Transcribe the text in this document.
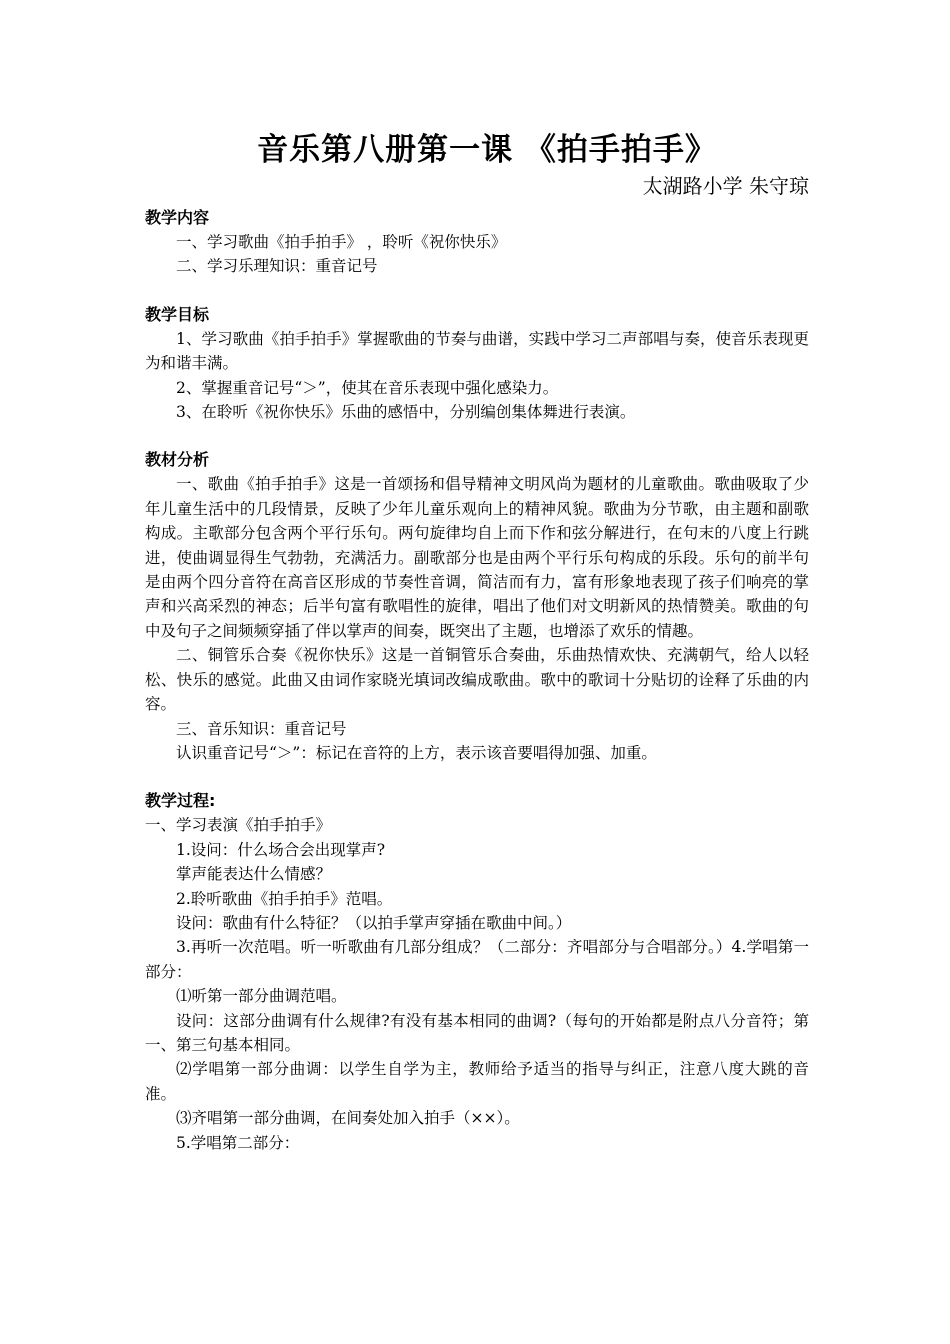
音乐第八册第一课 《拍手拍手》

太湖路小学 朱守琼

教学内容

一、学习歌曲《拍手拍手》 ，聆听《祝你快乐》

二、学习乐理知识：重音记号

教学目标

1、学习歌曲《拍手拍手》掌握歌曲的节奏与曲谱，实践中学习二声部唱与奏，使音乐表现更为和谐丰满。

2、掌握重音记号“＞”，使其在音乐表现中强化感染力。

3、在聆听《祝你快乐》乐曲的感悟中，分别编创集体舞进行表演。

教材分析

一、歌曲《拍手拍手》这是一首颂扬和倡导精神文明风尚为题材的儿童歌曲。歌曲吸取了少年儿童生活中的几段情景，反映了少年儿童乐观向上的精神风貌。歌曲为分节歌，由主题和副歌构成。主歌部分包含两个平行乐句。两句旋律均自上而下作和弦分解进行，在句末的八度上行跳进，使曲调显得生气勃勃，充满活力。副歌部分也是由两个平行乐句构成的乐段。乐句的前半句是由两个四分音符在高音区形成的节奏性音调，简洁而有力，富有形象地表现了孩子们响亮的掌声和兴高采烈的神态；后半句富有歌唱性的旋律，唱出了他们对文明新风的热情赞美。歌曲的句中及句子之间频频穿插了伴以掌声的间奏，既突出了主题，也增添了欢乐的情趣。

二、铜管乐合奏《祝你快乐》这是一首铜管乐合奏曲，乐曲热情欢快、充满朝气，给人以轻松、快乐的感觉。此曲又由词作家晓光填词改编成歌曲。歌中的歌词十分贴切的诠释了乐曲的内容。

三、音乐知识：重音记号

认识重音记号“＞”：标记在音符的上方，表示该音要唱得加强、加重。

教学过程:

一、学习表演《拍手拍手》

1.设问：什么场合会出现掌声?

掌声能表达什么情感？

2.聆听歌曲《拍手拍手》范唱。

设问：歌曲有什么特征？（以拍手掌声穿插在歌曲中间。）

3.再听一次范唱。听一听歌曲有几部分组成？（二部分：齐唱部分与合唱部分。）4.学唱第一部分：

⑴听第一部分曲调范唱。

设问：这部分曲调有什么规律?有没有基本相同的曲调?（每句的开始都是附点八分音符；第一、第三句基本相同。

⑵学唱第一部分曲调：以学生自学为主，教师给予适当的指导与纠正，注意八度大跳的音准。

⑶齐唱第一部分曲调，在间奏处加入拍手（××）。

5.学唱第二部分：
